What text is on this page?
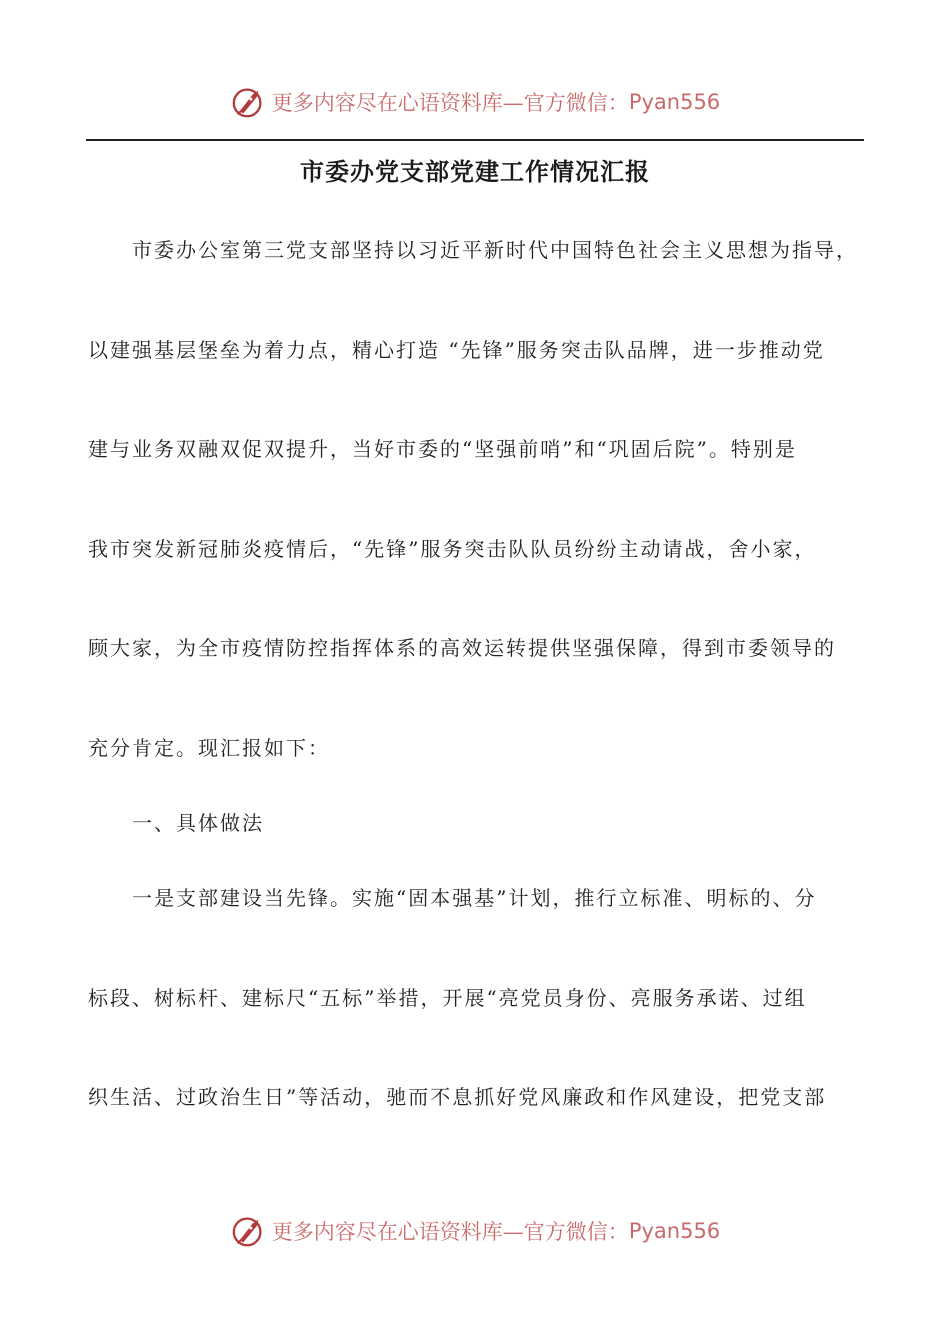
更多内容尽在心语资料库—官方微信： Pyan556
市委办党支部党建工作情况汇报
市委办公室第三党支部坚持以习近平新时代中国特色社会主义思想为指导，
以建强基层堡垒为着力点，精心打造 “先锋”服务突击队品牌，进一步推动党
建与业务双融双促双提升，当好市委的“坚强前哨”和“巩固后院”。特别是
我市突发新冠肺炎疫情后，“先锋”服务突击队队员纷纷主动请战，舍小家，
顾大家，为全市疫情防控指挥体系的高效运转提供坚强保障，得到市委领导的
充分肯定。现汇报如下：
一、具体做法
一是支部建设当先锋。实施“固本强基”计划，推行立标准、明标的、分
标段、树标杆、建标尺“五标”举措，开展“亮党员身份、亮服务承诺、过组
织生活、过政治生日”等活动，驰而不息抓好党风廉政和作风建设，把党支部
更多内容尽在心语资料库—官方微信： Pyan556
